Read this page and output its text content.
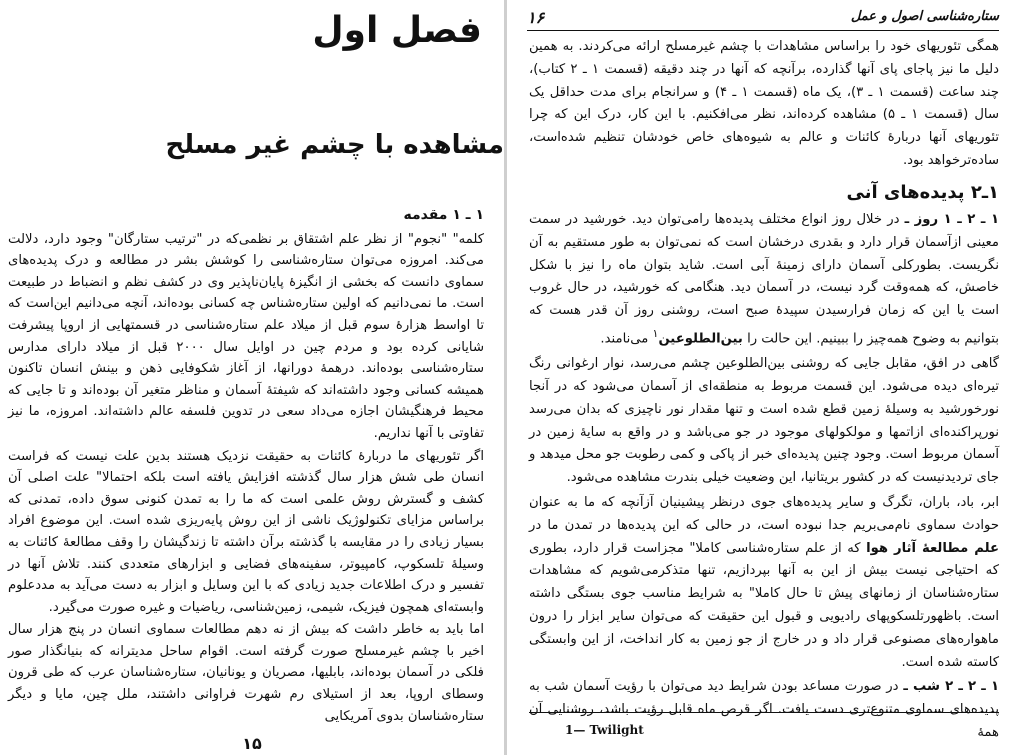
فصل اول
مشاهده با چشم غیر مسلح
۱ ـ ۱ مقدمه

کلمه" "نجوم" از نظر علم اشتقاق بر نظمی‌که در "ترتیب ستارگان" وجود دارد، دلالت می‌کند. امروزه می‌توان ستاره‌شناسی را کوشش بشر در مطالعه و درک پدیده‌های سماوی دانست که بخشی از انگیزه‌ٔ پایان‌ناپذیر وی در کشف نظم و انضباط در طبیعت است. ما نمی‌دانیم که اولین ستاره‌شناس چه کسانی بوده‌اند، آنچه می‌دانیم این‌است که تا اواسط هزاره‌ٔ سوم قبل از میلاد علم ستاره‌شناسی در قسمتهایی از اروپا پیشرفت شایانی کرده بود و مردم چین در اوایل سال ۲۰۰۰ قبل از میلاد دارای مدارس ستاره‌شناسی بوده‌اند. درهمه‌ٔ دورانها، از آغاز شکوفایی ذهن و بینش انسان تاکنون همیشه کسانی وجود داشته‌اند که شیفته‌ٔ آسمان و مناظر متغیر آن بوده‌اند و تا جایی که محیط فرهنگیشان اجازه می‌داد سعی در تدوین فلسفه عالم داشته‌اند. امروزه، ما نیز تفاوتی با آنها نداریم.

اگر تئوریهای ما درباره‌ٔ کائنات به حقیقت نزدیک هستند بدین علت نیست که فراست انسان طی شش هزار سال گذشته افزایش یافته است بلکه احتمالا" علت اصلی آن کشف و گسترش روش علمی است که ما را به تمدن کنونی سوق داده، تمدنی که براساس مزایای تکنولوژیک ناشی از این روش پایه‌ریزی شده است. این موضوع افراد بسیار زیادی را در مقایسه با گذشته برآن داشته تا زندگیشان را وقف مطالعه‌ٔ کائنات به وسیله‌ٔ تلسکوپ، کامپیوتر، سفینه‌های فضایی و ابزارهای متعددی کنند. تلاش آنها در تفسیر و درک اطلاعات جدید زیادی که با این وسایل و ابزار به دست می‌آید به مددعلوم وابسته‌ای همچون فیزیک، شیمی، زمین‌شناسی، ریاضیات و غیره صورت می‌گیرد.

اما باید به خاطر داشت که بیش از نه دهم مطالعات سماوی انسان در پنج هزار سال اخیر با چشم غیرمسلح صورت گرفته است. اقوام ساحل مدیترانه که بنیانگذار صور فلکی در آسمان بوده‌اند، بابلیها، مصریان و یونانیان، ستاره‌شناسان عرب که طی قرون وسطای اروپا، بعد از استیلای رم شهرت فراوانی داشتند، ملل چین، مایا و دیگر ستاره‌شناسان بدوی آمریکایی

۱۵
ستاره‌شناسی اصول و عمل
۱۶

همگی تئوریهای خود را براساس مشاهدات با چشم غیرمسلح ارائه می‌کردند. به همین دلیل ما نیز پاجای پای آنها گذارده، برآنچه که آنها در چند دقیقه (قسمت ۱ ـ ۲ کتاب)، چند ساعت (قسمت ۱ ـ ۳)، یک ماه (قسمت ۱ ـ ۴) و سرانجام برای مدت حداقل یک سال (قسمت ۱ ـ ۵) مشاهده کرده‌اند، نظر می‌افکنیم. با این کار، درک این که چرا تئوریهای آنها درباره‌ٔ کائنات و عالم به شیوه‌های خاص خودشان تنظیم شده‌است، ساده‌ترخواهد بود.

۱ـ۲ پدیده‌های آنی

۱ ـ ۲ ـ ۱ روز ـ در خلال روز انواع مختلف پدیده‌ها رامی‌توان دید. خورشید در سمت معینی ازآسمان قرار دارد و بقدری درخشان است که نمی‌توان به طور مستقیم به آن نگریست. بطورکلی آسمان دارای زمینه‌ٔ آبی است. شاید بتوان ماه را نیز با شکل خاصش، که همه‌وقت گرد نیست، در آسمان دید. هنگامی که خورشید، در حال غروب است یا این که زمان فرارسیدن سپیده‌ٔ صبح است، روشنی روز آن قدر هست که بتوانیم به وضوح همه‌چیز را ببینیم. این حالت را بین‌الطلوعین$^۱$ می‌نامند.

گاهی در افق، مقابل جایی که روشنی بین‌الطلوعین چشم می‌رسد، نوار ارغوانی رنگ تیره‌ای دیده می‌شود. این قسمت مربوط به منطقه‌ای از آسمان می‌شود که در آنجا نورخورشید به وسیله‌ٔ زمین قطع شده است و تنها مقدار نور ناچیزی که بدان می‌رسد نورپراکنده‌ای ازاتمها و مولکولهای موجود در جو می‌باشد و در واقع به سایه‌ٔ زمین در آسمان مربوط است. وجود چنین پدیده‌ای خبر از پاکی و کمی رطوبت جو محل میدهد و جای تردیدنیست که در کشور بریتانیا، این وضعیت خیلی بندرت مشاهده می‌شود.

ابر، باد، باران، تگرگ و سایر پدیده‌های جوی درنظر پیشینیان آزآنچه که ما به عنوان حوادث سماوی نام‌می‌بریم جدا نبوده است، در حالی که این پدیده‌ها در تمدن ما در علم مطالعه‌ٔ آثار هوا که از علم ستاره‌شناسی کاملا" مجزاست قرار دارد، بطوری که احتیاجی نیست بیش از این به آنها بپردازیم، تنها متذکرمی‌شویم که مشاهدات ستاره‌شناسان از زمانهای پیش تا حال کاملا" به شرایط مناسب جوی بستگی داشته است. باظهورتلسکوپهای رادیویی و قبول این حقیقت که می‌توان سایر ابزار را درون ماهواره‌های مصنوعی قرار داد و در خارج از جو زمین به کار انداخت، از این وابستگی کاسته شده است.

۱ ـ ۲ ـ ۲ شب ـ در صورت مساعد بودن شرایط دید می‌توان با رؤیت آسمان شب به پدیده‌های سماوی متنوع‌تری دست یافت. اگر قرص ماه قابل رؤیت باشد، روشنایی آن همه‌ٔ

1— Twilight
